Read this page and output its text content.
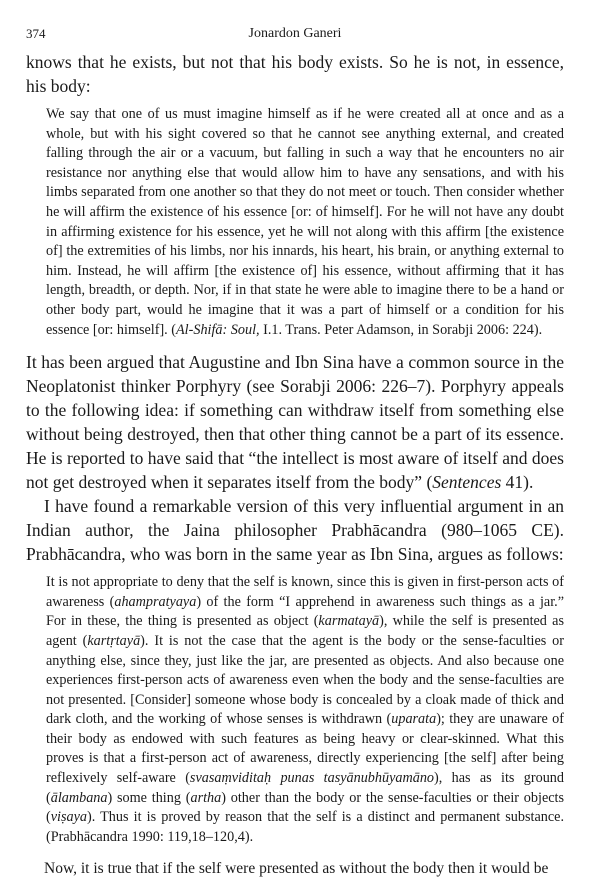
374	Jonardon Ganeri

knows that he exists, but not that his body exists. So he is not, in essence, his body:

We say that one of us must imagine himself as if he were created all at once and as a whole, but with his sight covered so that he cannot see anything external, and created falling through the air or a vacuum, but falling in such a way that he encounters no air resistance nor anything else that would allow him to have any sensations, and with his limbs separated from one another so that they do not meet or touch. Then consider whether he will affirm the existence of his essence [or: of himself]. For he will not have any doubt in affirming existence for his essence, yet he will not along with this affirm [the existence of] the extremities of his limbs, nor his innards, his heart, his brain, or anything external to him. Instead, he will affirm [the existence of] his essence, without affirming that it has length, breadth, or depth. Nor, if in that state he were able to imagine there to be a hand or other body part, would he imagine that it was a part of himself or a condition for his essence [or: himself]. (Al-Shifā: Soul, I.1. Trans. Peter Adamson, in Sorabji 2006: 224).

It has been argued that Augustine and Ibn Sina have a common source in the Neoplatonist thinker Porphyry (see Sorabji 2006: 226–7). Porphyry appeals to the following idea: if something can withdraw itself from something else without being destroyed, then that other thing cannot be a part of its essence. He is reported to have said that “the intellect is most aware of itself and does not get destroyed when it separates itself from the body” (Sentences 41).

I have found a remarkable version of this very influential argument in an Indian author, the Jaina philosopher Prabhācandra (980–1065 CE). Prabhācandra, who was born in the same year as Ibn Sina, argues as follows:

It is not appropriate to deny that the self is known, since this is given in first-person acts of awareness (ahampratyaya) of the form “I apprehend in awareness such things as a jar.” For in these, the thing is presented as object (karmatayā), while the self is presented as agent (kartṛtayā). It is not the case that the agent is the body or the sense-faculties or anything else, since they, just like the jar, are presented as objects. And also because one experiences first-person acts of awareness even when the body and the sense-faculties are not presented. [Consider] someone whose body is concealed by a cloak made of thick and dark cloth, and the working of whose senses is withdrawn (uparata); they are unaware of their body as endowed with such features as being heavy or clear-skinned. What this proves is that a first-person act of awareness, directly experiencing [the self] after being reflexively self-aware (svasaṃviditaḥ punas tasyānubhūyamāno), has as its ground (ālambana) some thing (artha) other than the body or the sense-faculties or their objects (viṣaya). Thus it is proved by reason that the self is a distinct and permanent substance. (Prabhācandra 1990: 119,18–120,4).

Now, it is true that if the self were presented as without the body then it would be
